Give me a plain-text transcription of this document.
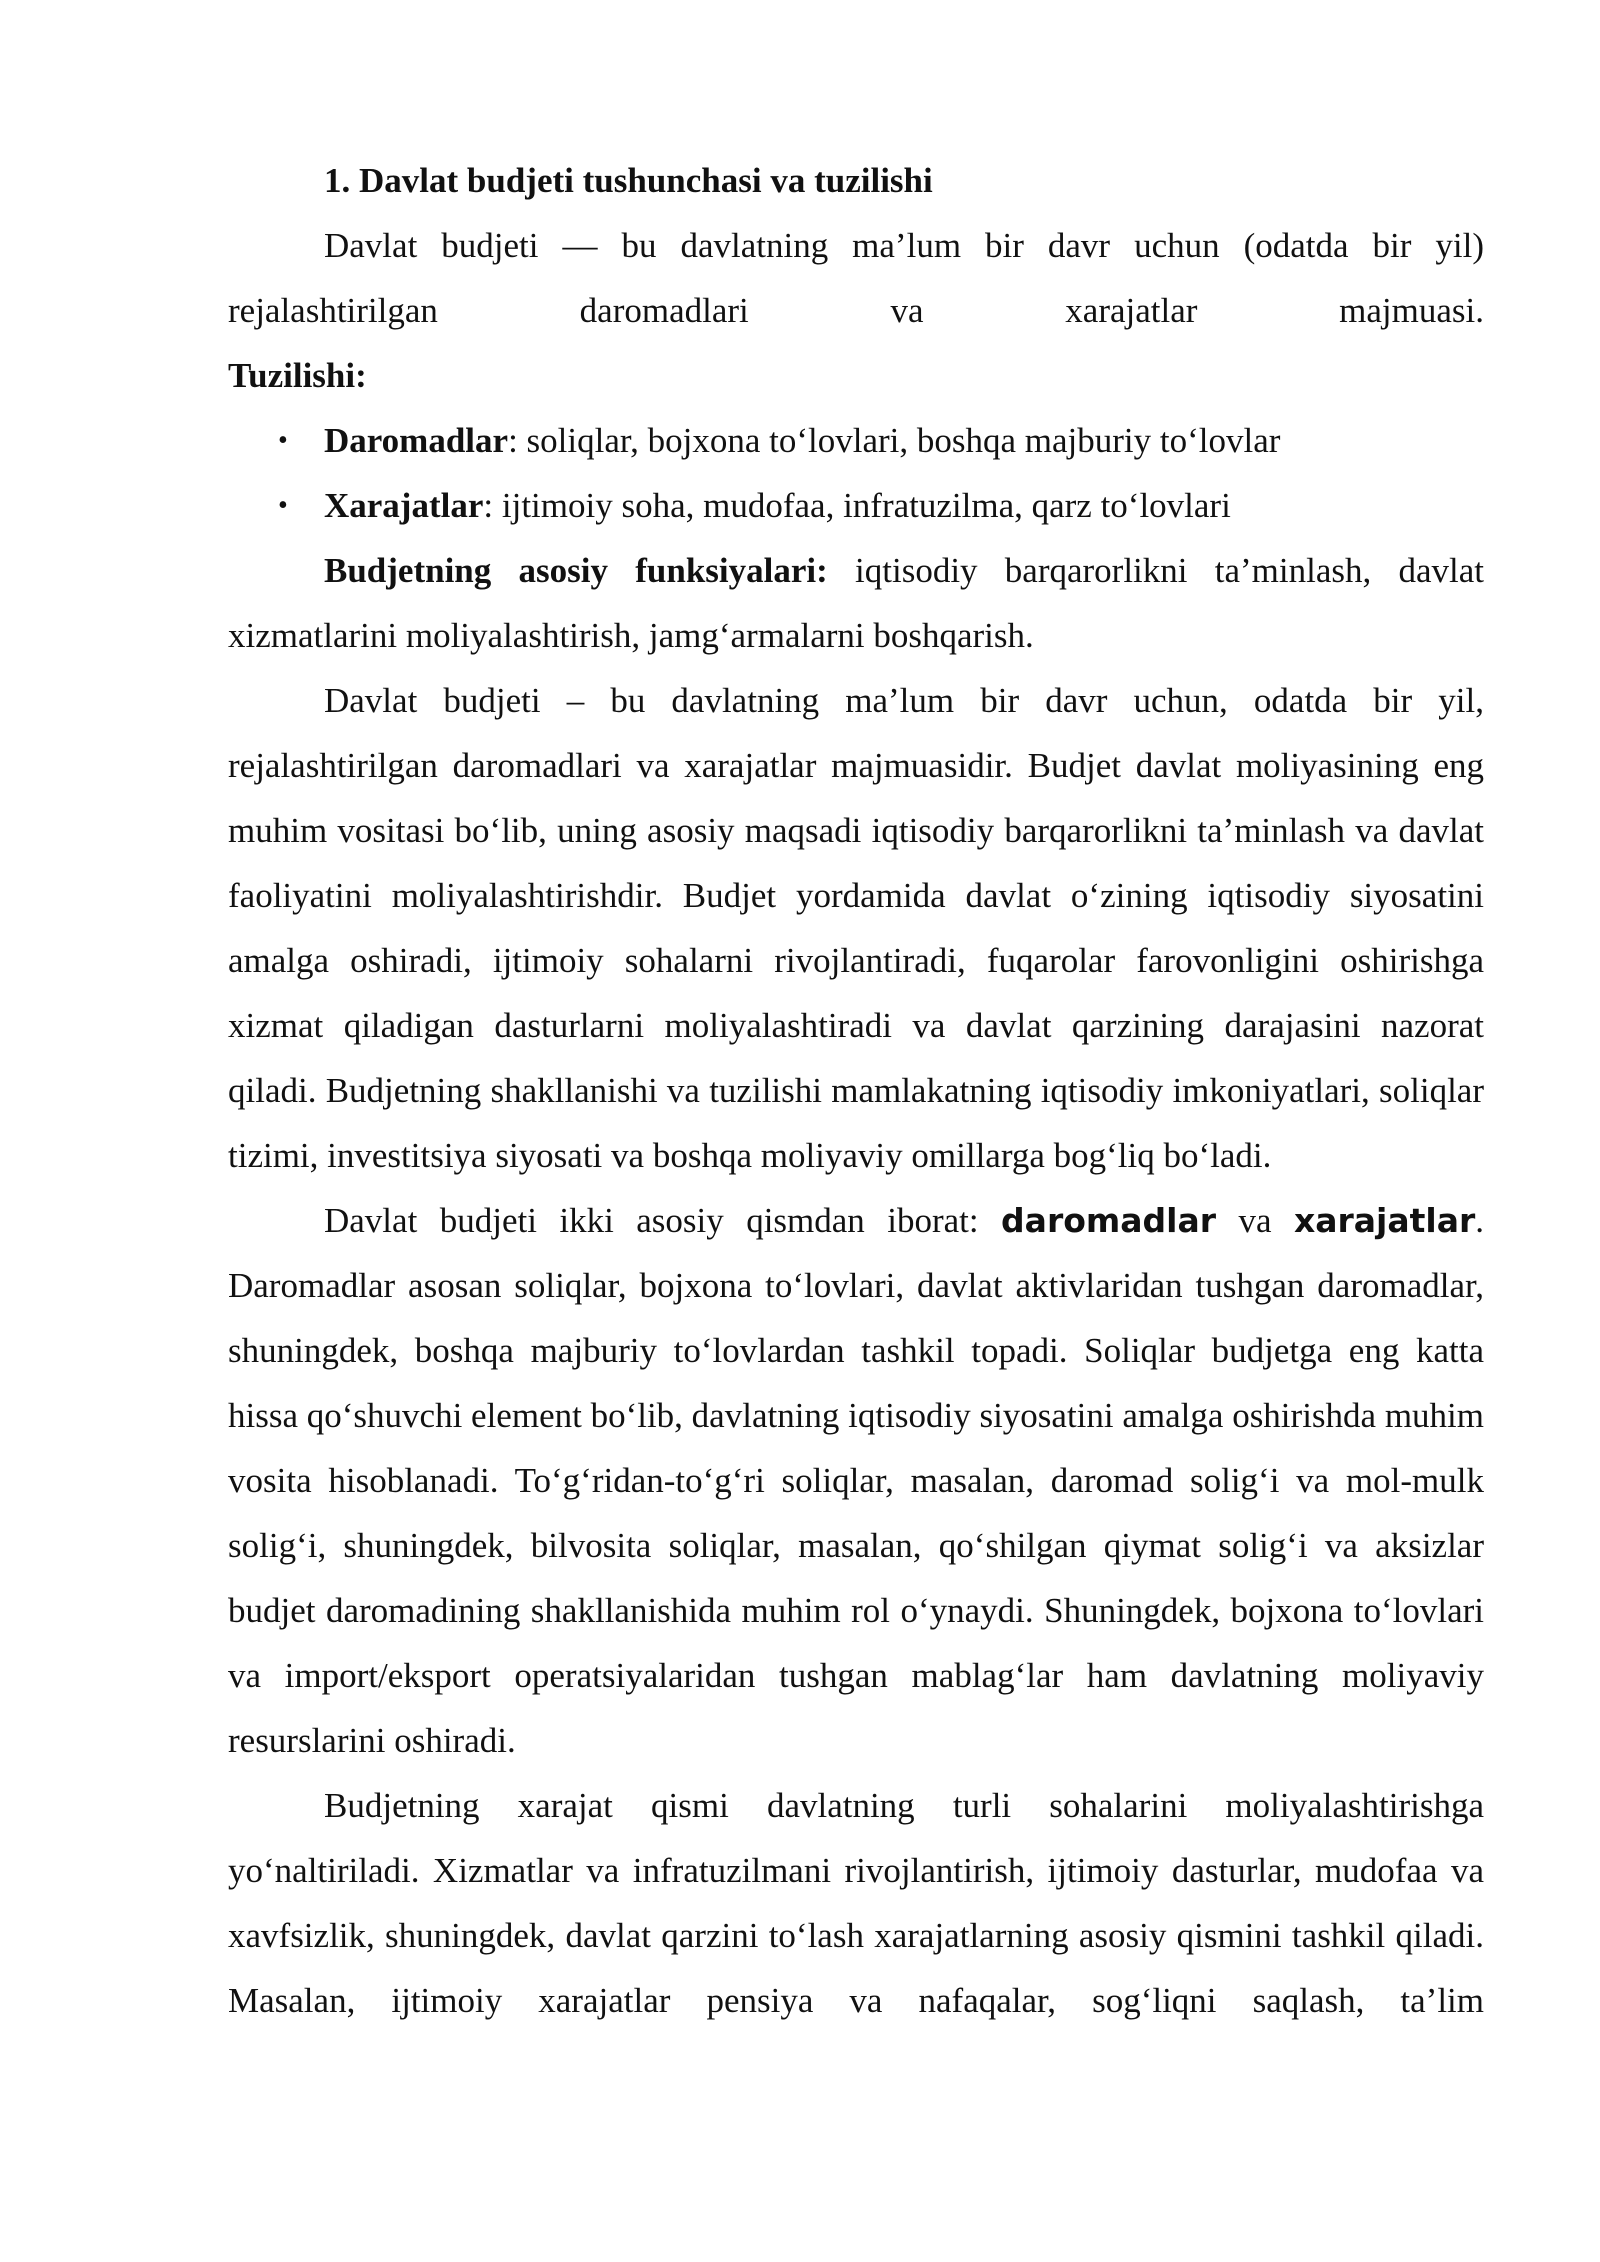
1. Davlat budjeti tushunchasi va tuzilishi

Davlat budjeti — bu davlatning ma’lum bir davr uchun (odatda bir yil) rejalashtirilgan daromadlari va xarajatlar majmuasi.

Tuzilishi:

• Daromadlar: soliqlar, bojxona to‘lovlari, boshqa majburiy to‘lovlar
• Xarajatlar: ijtimoiy soha, mudofaa, infratuzilma, qarz to‘lovlari

Budjetning asosiy funksiyalari: iqtisodiy barqarorlikni ta’minlash, davlat xizmatlarini moliyalashtirish, jamg‘armalarni boshqarish.

Davlat budjeti – bu davlatning ma’lum bir davr uchun, odatda bir yil, rejalashtirilgan daromadlari va xarajatlar majmuasidir. Budjet davlat moliyasining eng muhim vositasi bo‘lib, uning asosiy maqsadi iqtisodiy barqarorlikni ta’minlash va davlat faoliyatini moliyalashtirishdir. Budjet yordamida davlat o‘zining iqtisodiy siyosatini amalga oshiradi, ijtimoiy sohalarni rivojlantiradi, fuqarolar farovonligini oshirishga xizmat qiladigan dasturlarni moliyalashtiradi va davlat qarzining darajasini nazorat qiladi. Budjetning shakllanishi va tuzilishi mamlakatning iqtisodiy imkoniyatlari, soliqlar tizimi, investitsiya siyosati va boshqa moliyaviy omillarga bog‘liq bo‘ladi.

Davlat budjeti ikki asosiy qismdan iborat: daromadlar va xarajatlar. Daromadlar asosan soliqlar, bojxona to‘lovlari, davlat aktivlaridan tushgan daromadlar, shuningdek, boshqa majburiy to‘lovlardan tashkil topadi. Soliqlar budjetga eng katta hissa qo‘shuvchi element bo‘lib, davlatning iqtisodiy siyosatini amalga oshirishda muhim vosita hisoblanadi. To‘g‘ridan-to‘g‘ri soliqlar, masalan, daromad solig‘i va mol-mulk solig‘i, shuningdek, bilvosita soliqlar, masalan, qo‘shilgan qiymat solig‘i va aksizlar budjet daromadining shakllanishida muhim rol o‘ynaydi. Shuningdek, bojxona to‘lovlari va import/eksport operatsiyalaridan tushgan mablag‘lar ham davlatning moliyaviy resurslarini oshiradi.

Budjetning xarajat qismi davlatning turli sohalarini moliyalashtirishga yo‘naltiriladi. Xizmatlar va infratuzilmani rivojlantirish, ijtimoiy dasturlar, mudofaa va xavfsizlik, shuningdek, davlat qarzini to‘lash xarajatlarning asosiy qismini tashkil qiladi. Masalan, ijtimoiy xarajatlar pensiya va nafaqalar, sog‘liqni saqlash, ta’lim
